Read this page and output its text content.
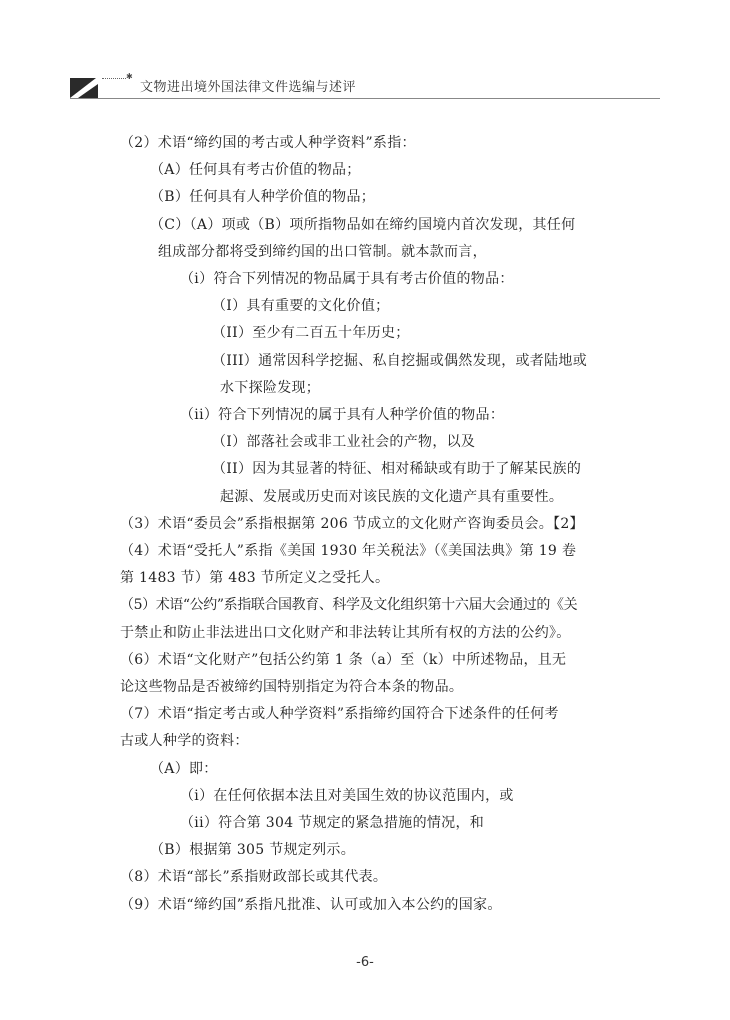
✱
文物进出境外国法律文件选编与述评
（2）术语“缔约国的考古或人种学资料”系指：
（A）任何具有考古价值的物品；
（B）任何具有人种学价值的物品；
（C）（A）项或（B）项所指物品如在缔约国境内首次发现，其任何
组成部分都将受到缔约国的出口管制。就本款而言，
（i）符合下列情况的物品属于具有考古价值的物品：
（I）具有重要的文化价值；
（II）至少有二百五十年历史；
（III）通常因科学挖掘、私自挖掘或偶然发现，或者陆地或
水下探险发现；
（ii）符合下列情况的属于具有人种学价值的物品：
（I）部落社会或非工业社会的产物，以及
（II）因为其显著的特征、相对稀缺或有助于了解某民族的
起源、发展或历史而对该民族的文化遗产具有重要性。
（3）术语“委员会”系指根据第 206 节成立的文化财产咨询委员会。【2】
（4）术语“受托人”系指《美国 1930 年关税法》（《美国法典》第 19 卷
第 1483 节）第 483 节所定义之受托人。
（5）术语“公约”系指联合国教育、科学及文化组织第十六届大会通过的《关
于禁止和防止非法进出口文化财产和非法转让其所有权的方法的公约》。
（6）术语“文化财产”包括公约第 1 条（a）至（k）中所述物品，且无
论这些物品是否被缔约国特别指定为符合本条的物品。
（7）术语“指定考古或人种学资料”系指缔约国符合下述条件的任何考
古或人种学的资料：
（A）即：
（i）在任何依据本法且对美国生效的协议范围内，或
（ii）符合第 304 节规定的紧急措施的情况，和
（B）根据第 305 节规定列示。
（8）术语“部长”系指财政部长或其代表。
（9）术语“缔约国”系指凡批准、认可或加入本公约的国家。
-6-
